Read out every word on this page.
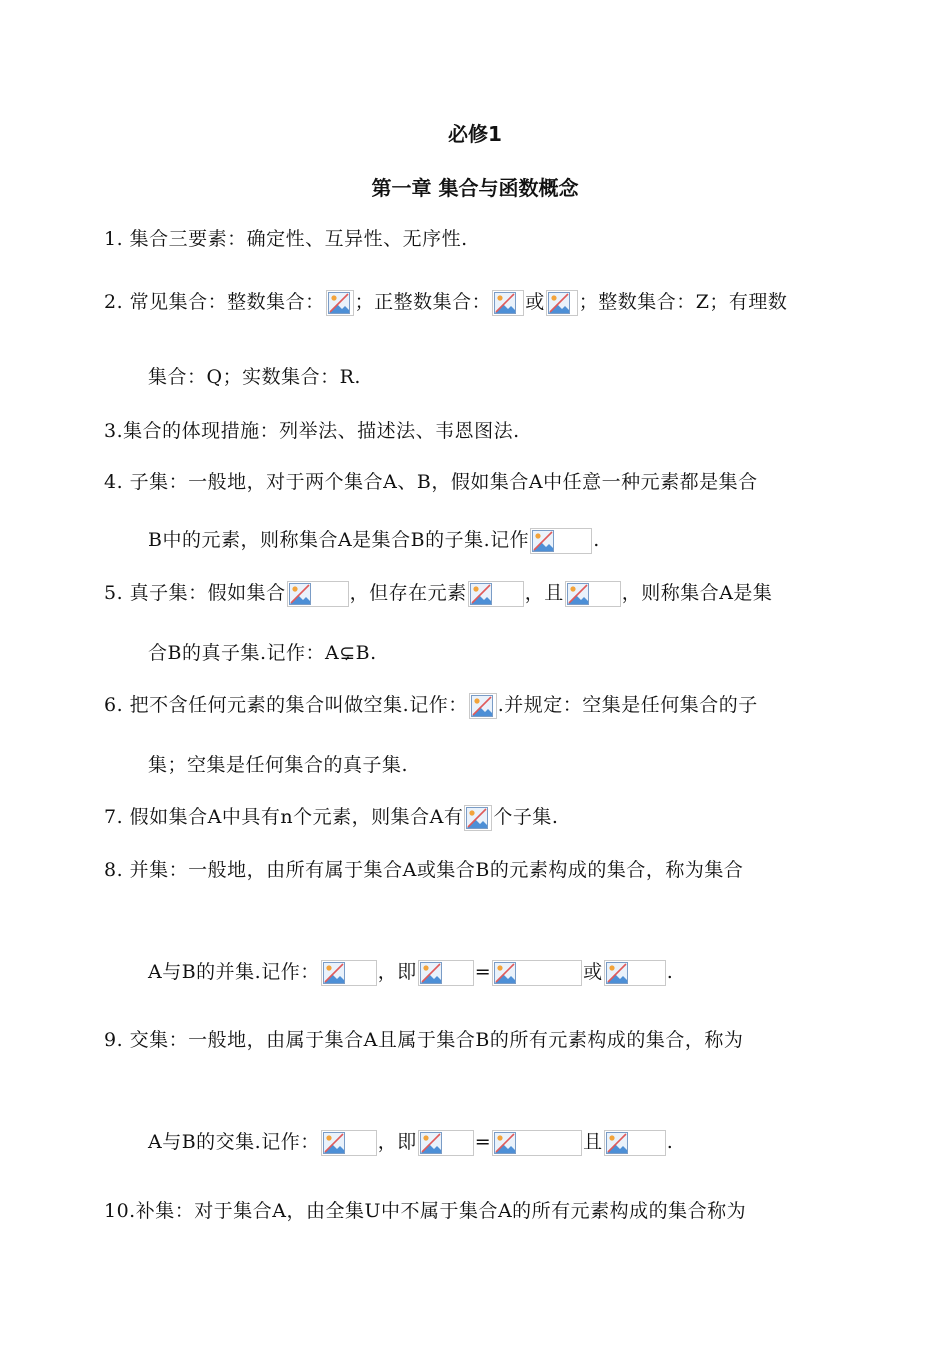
必修1
第一章 集合与函数概念
1. 集合三要素：确定性、互异性、无序性.
2. 常见集合：整数集合： ；正整数集合： 或 ；整数集合：Z；有理数
集合：Q；实数集合：R.
3.集合的体现措施：列举法、描述法、韦恩图法.
4. 子集：一般地，对于两个集合A、B，假如集合A中任意一种元素都是集合
B中的元素，则称集合A是集合B的子集.记作	.
5. 真子集：假如集合	，但存在元素	，且	，则称集合A是集
合B的真子集.记作：A⊊B.
6. 把不含任何元素的集合叫做空集.记作： .并规定：空集是任何集合的子
集；空集是任何集合的真子集.
7. 假如集合A中具有n个元素，则集合A有 个子集.
8. 并集：一般地，由所有属于集合A或集合B的元素构成的集合，称为集合
A与B的并集.记作：	，即	=	或	.
9. 交集：一般地，由属于集合A且属于集合B的所有元素构成的集合，称为
A与B的交集.记作：	，即	=	且	.
10.补集：对于集合A，由全集U中不属于集合A的所有元素构成的集合称为
